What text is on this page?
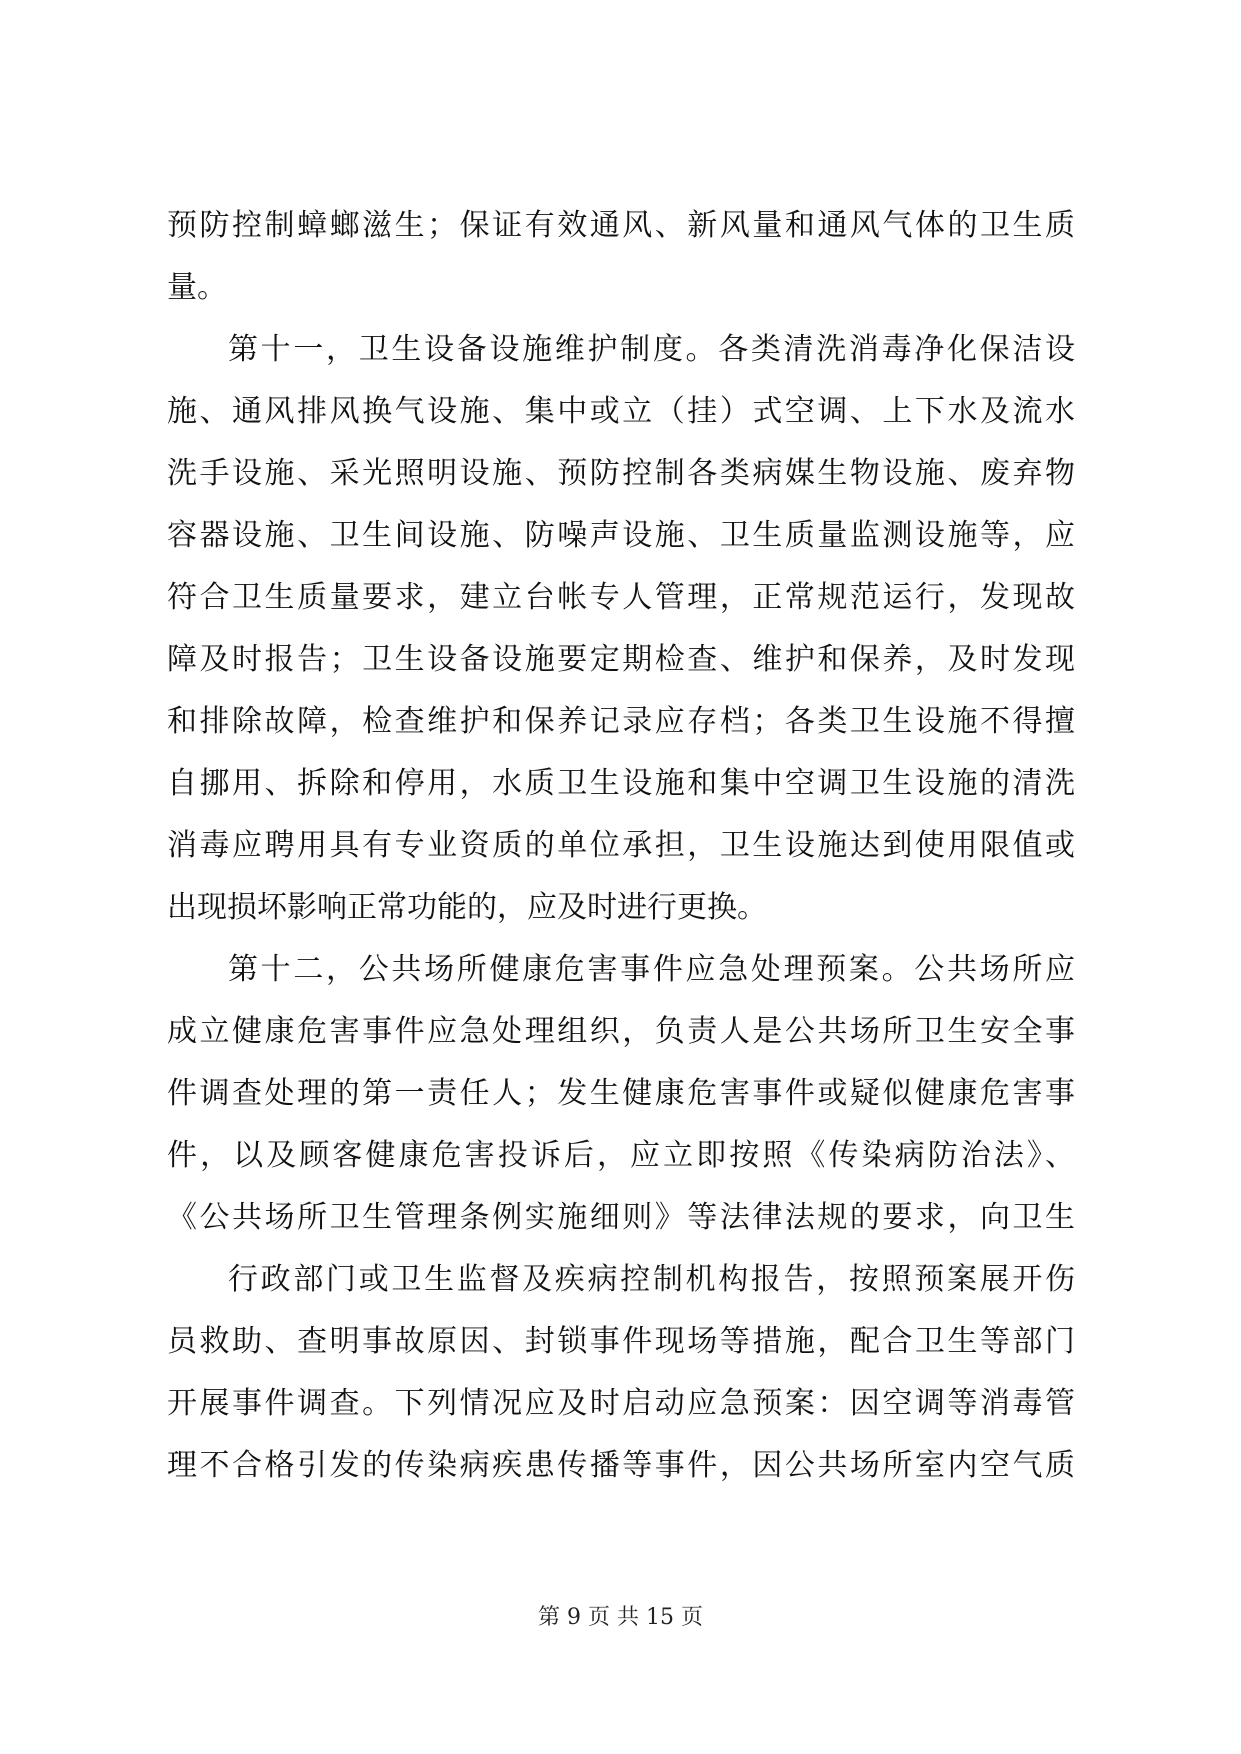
预防控制蟑螂滋生；保证有效通风、新风量和通风气体的卫生质
量。
第十一，卫生设备设施维护制度。各类清洗消毒净化保洁设
施、通风排风换气设施、集中或立（挂）式空调、上下水及流水
洗手设施、采光照明设施、预防控制各类病媒生物设施、废弃物
容器设施、卫生间设施、防噪声设施、卫生质量监测设施等，应
符合卫生质量要求，建立台帐专人管理，正常规范运行，发现故
障及时报告；卫生设备设施要定期检查、维护和保养，及时发现
和排除故障，检查维护和保养记录应存档；各类卫生设施不得擅
自挪用、拆除和停用，水质卫生设施和集中空调卫生设施的清洗
消毒应聘用具有专业资质的单位承担，卫生设施达到使用限值或
出现损坏影响正常功能的，应及时进行更换。
第十二，公共场所健康危害事件应急处理预案。公共场所应
成立健康危害事件应急处理组织，负责人是公共场所卫生安全事
件调查处理的第一责任人；发生健康危害事件或疑似健康危害事
件，以及顾客健康危害投诉后，应立即按照《传染病防治法》、
《公共场所卫生管理条例实施细则》等法律法规的要求，向卫生
行政部门或卫生监督及疾病控制机构报告，按照预案展开伤
员救助、查明事故原因、封锁事件现场等措施，配合卫生等部门
开展事件调查。下列情况应及时启动应急预案：因空调等消毒管
理不合格引发的传染病疾患传播等事件，因公共场所室内空气质
第 9 页 共 15 页
